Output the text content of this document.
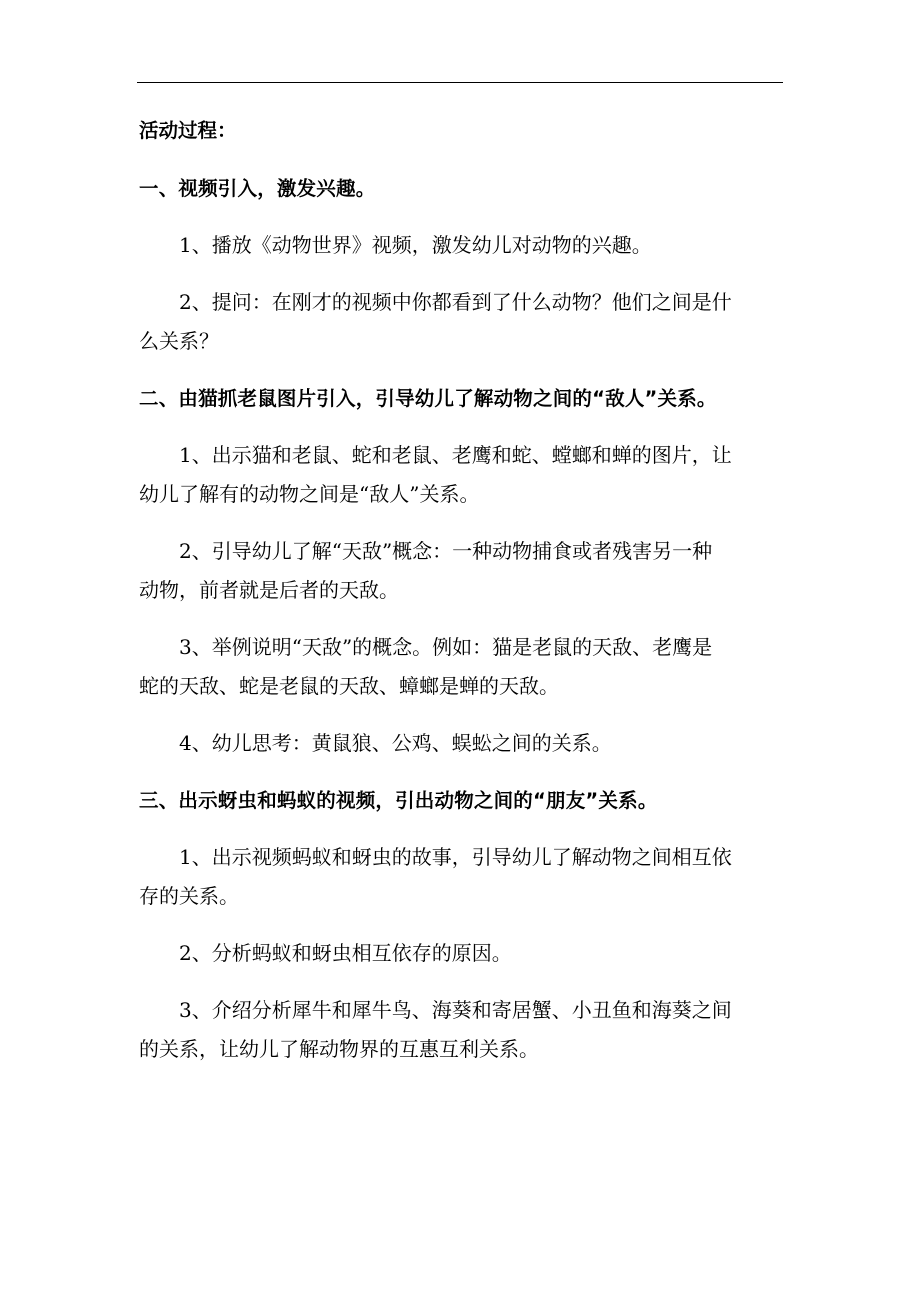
活动过程：

一、视频引入，激发兴趣。

1、播放《动物世界》视频，激发幼儿对动物的兴趣。

2、提问：在刚才的视频中你都看到了什么动物？他们之间是什

么关系？

二、由猫抓老鼠图片引入，引导幼儿了解动物之间的“敌人”关系。

1、出示猫和老鼠、蛇和老鼠、老鹰和蛇、螳螂和蝉的图片，让

幼儿了解有的动物之间是“敌人”关系。

2、引导幼儿了解“天敌”概念：一种动物捕食或者残害另一种

动物，前者就是后者的天敌。

3、举例说明“天敌”的概念。例如：猫是老鼠的天敌、老鹰是

蛇的天敌、蛇是老鼠的天敌、蟑螂是蝉的天敌。

4、幼儿思考：黄鼠狼、公鸡、蜈蚣之间的关系。

三、出示蚜虫和蚂蚁的视频，引出动物之间的“朋友”关系。

1、出示视频蚂蚁和蚜虫的故事，引导幼儿了解动物之间相互依

存的关系。

2、分析蚂蚁和蚜虫相互依存的原因。

3、介绍分析犀牛和犀牛鸟、海葵和寄居蟹、小丑鱼和海葵之间

的关系，让幼儿了解动物界的互惠互利关系。
